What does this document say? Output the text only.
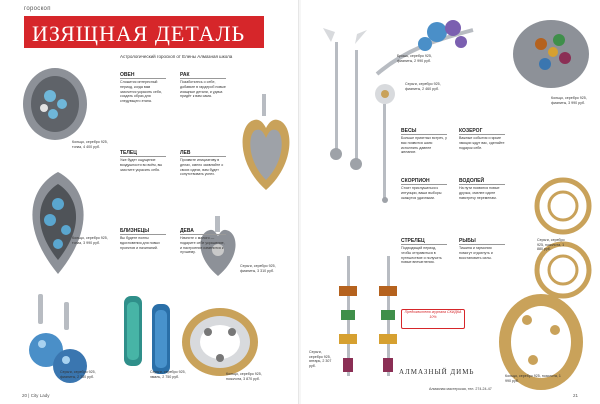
гороскоп
ИЗЯЩНАЯ ДЕТАЛЬ
Астрологический гороскоп от Елены Алмазная школа
ОВЕН
Сложится интересный период, когда вам захочется украсить себя, создать образ для следующего этапа.
ТЕЛЕЦ
Уже будет ощущение воздушности во всём, вы захотите украсить себя.
БЛИЗНЕЦЫ
Вы будете полны вдохновения для новых проектов и начинаний.
РАК
Позаботьтесь о себе, добавьте в гардероб новые изящные детали, и удача придёт к вам сама.
ЛЕВ
Проявите инициативу в делах, смело заявляйте о своих идеях, вам будет сопутствовать успех.
ДЕВА
Начните с малого — подарите себе украшение, и настроение изменится к лучшему.
Кольцо, серебро 925, топаз, 4 400 руб.
Кольцо, серебро 925, топаз, 3 990 руб.
Серьги, серебро 925, фианиты, 2 350 руб.
Серьги, серебро 925, эмаль, 2 750 руб.
Серьги, серебро 925, фианиты, 3 310 руб.
Кольцо, серебро 925, позолота, 3 870 руб.
20 | City Lady
ВЕСЫ
Больше приятных встреч, у вас появится шанс исполнить давнее желание.
СКОРПИОН
Стоит прислушаться к интуиции, ваши выборы окажутся удачными.
СТРЕЛЕЦ
Подходящий период, чтобы отправиться в путешествие и получить новые впечатления.
КОЗЕРОГ
Важные события и яркие эмоции ждут вас, сделайте подарок себе.
ВОДОЛЕЙ
На пути появятся новые друзья, смелее идите навстречу переменам.
РЫБЫ
Тишина и гармония помогут отдохнуть и восстановить силы.
Брошь, серебро 925, фианиты, 2 990 руб.
Серьги, серебро 925, фианиты, 2 460 руб.
Кольцо, серебро 925, фианиты, 3 990 руб.
Серьги, серебро 925, позолота, 1 880 руб.
Серьги, серебро 925, янтарь, 2 307 руб.
Кольцо, серебро 925, позолота, 1 990 руб.
Предъявителю журнала СКИДКА 10%
АЛМАЗНЫЙ ДИМЬ
Алмазная мастерская, тел. 274-24-47
21
